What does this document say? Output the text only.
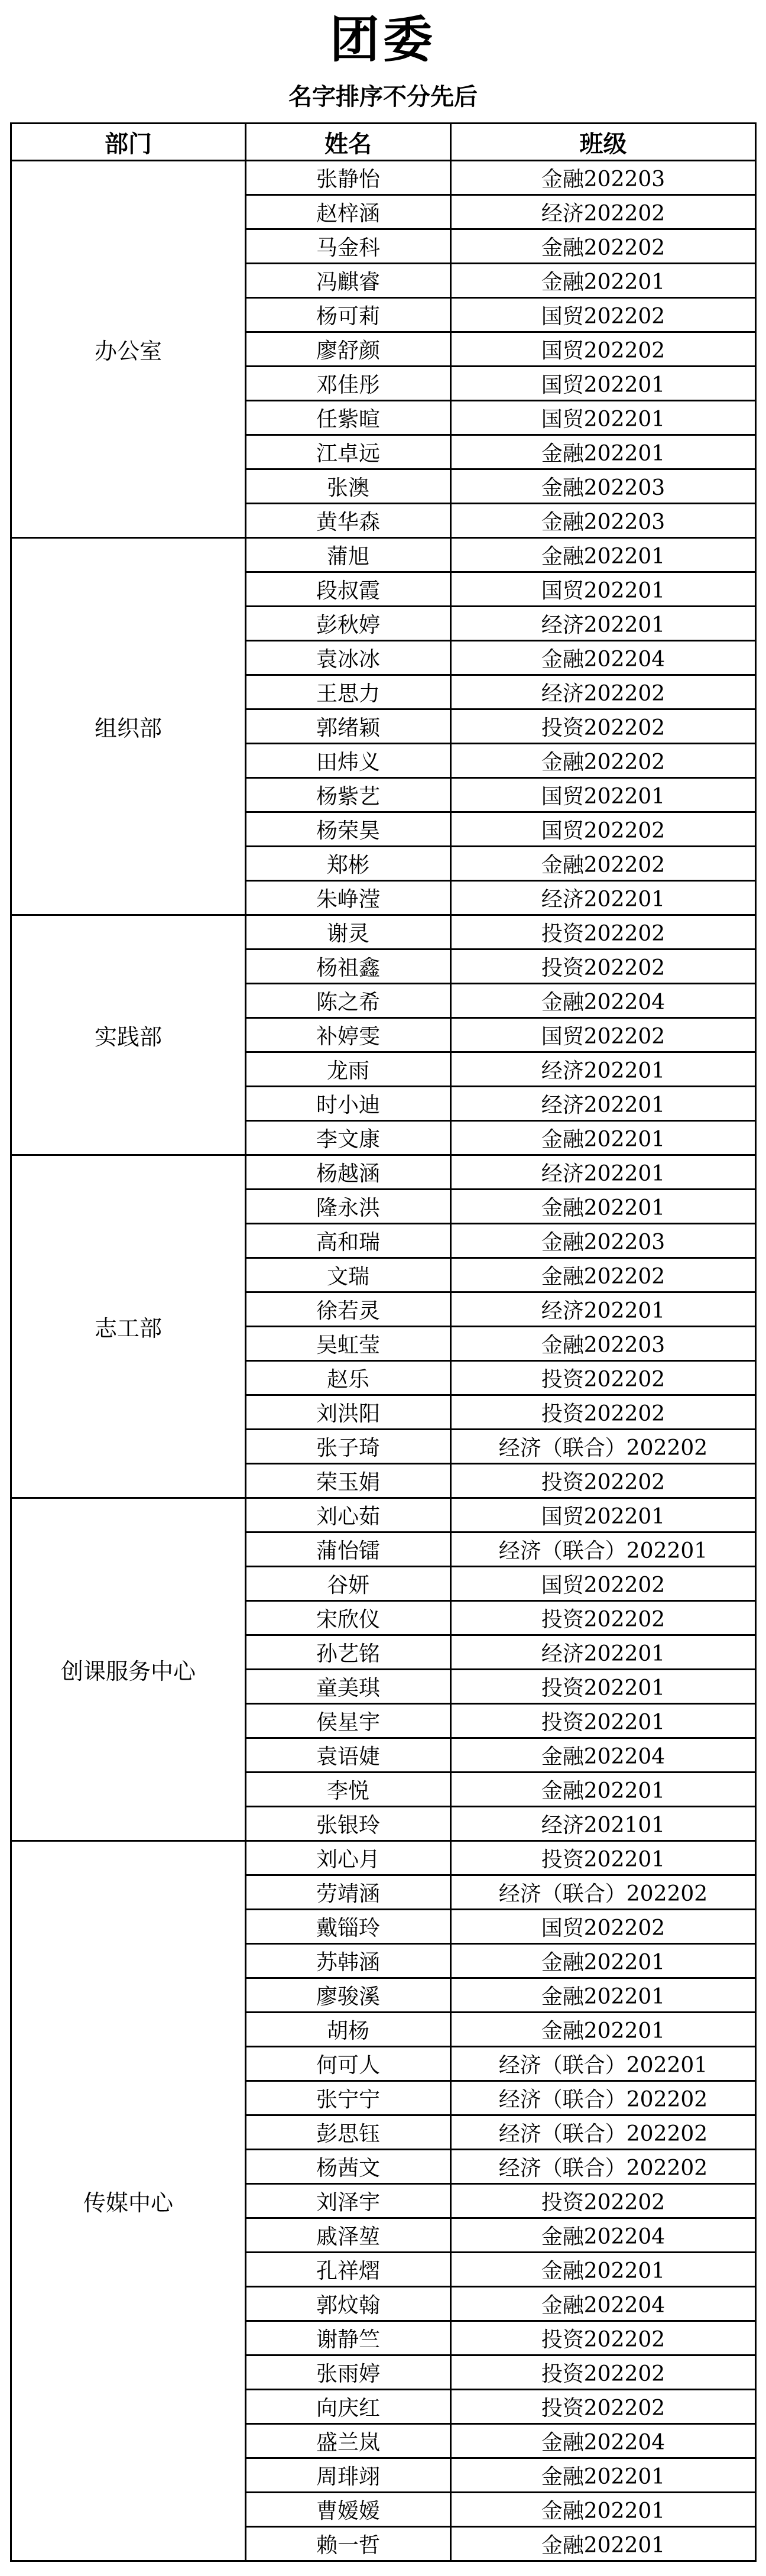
团委
名字排序不分先后
部门	姓名	班级
办公室	张静怡	金融202203
	赵梓涵	经济202202
	马金科	金融202202
	冯麒睿	金融202201
	杨可莉	国贸202202
	廖舒颜	国贸202202
	邓佳彤	国贸202201
	任紫暄	国贸202201
	江卓远	金融202201
	张澳	金融202203
	黄华森	金融202203
组织部	蒲旭	金融202201
	段叔霞	国贸202201
	彭秋婷	经济202201
	袁冰冰	金融202204
	王思力	经济202202
	郭绪颖	投资202202
	田炜义	金融202202
	杨紫艺	国贸202201
	杨荣昊	国贸202202
	郑彬	金融202202
	朱峥滢	经济202201
实践部	谢灵	投资202202
	杨祖鑫	投资202202
	陈之希	金融202204
	补婷雯	国贸202202
	龙雨	经济202201
	时小迪	经济202201
	李文康	金融202201
志工部	杨越涵	经济202201
	隆永洪	金融202201
	高和瑞	金融202203
	文瑞	金融202202
	徐若灵	经济202201
	吴虹莹	金融202203
	赵乐	投资202202
	刘洪阳	投资202202
	张子琦	经济（联合）202202
	荣玉娟	投资202202
创课服务中心	刘心茹	国贸202201
	蒲怡镭	经济（联合）202201
	谷妍	国贸202202
	宋欣仪	投资202202
	孙艺铭	经济202201
	童美琪	投资202201
	侯星宇	投资202201
	袁语婕	金融202204
	李悦	金融202201
	张银玲	经济202101
传媒中心	刘心月	投资202201
	劳靖涵	经济（联合）202202
	戴锱玲	国贸202202
	苏韩涵	金融202201
	廖骏溪	金融202201
	胡杨	金融202201
	何可人	经济（联合）202201
	张宁宁	经济（联合）202202
	彭思钰	经济（联合）202202
	杨茜文	经济（联合）202202
	刘泽宇	投资202202
	戚泽堃	金融202204
	孔祥熠	金融202201
	郭炆翰	金融202204
	谢静竺	投资202202
	张雨婷	投资202202
	向庆红	投资202202
	盛兰岚	金融202204
	周琲翊	金融202201
	曹嫒嫒	金融202201
	赖一哲	金融202201
